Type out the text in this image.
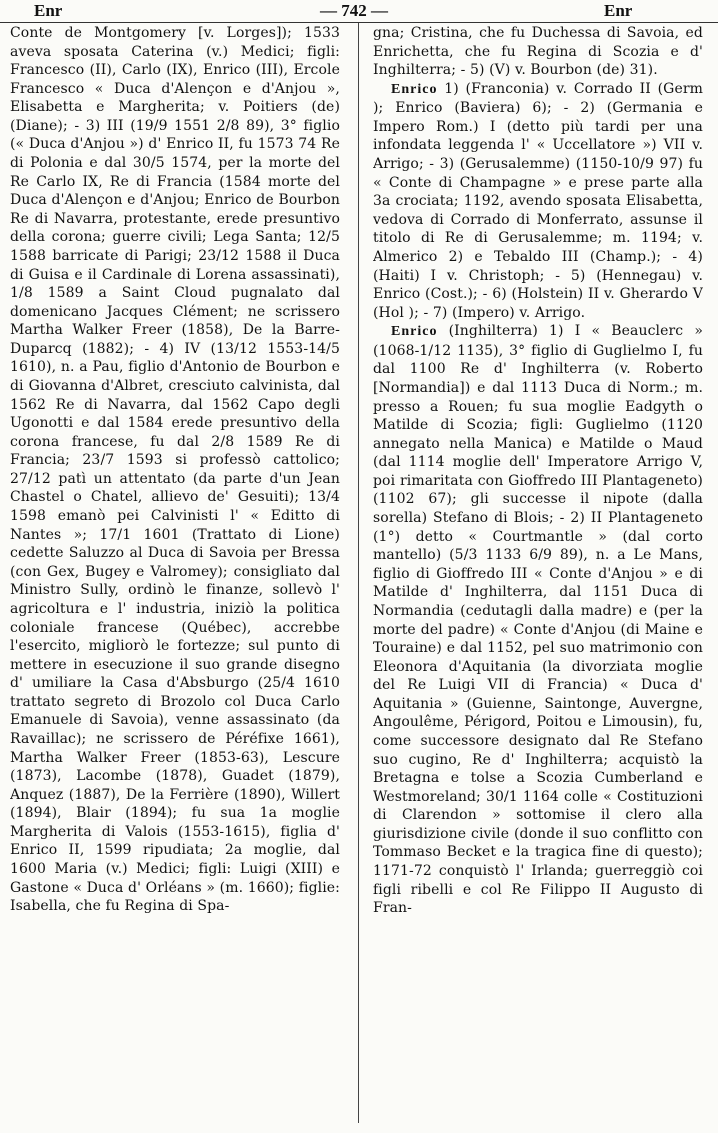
Enr	— 742 —	Enr

Conte de Montgomery [v. Lorges]); 1533 aveva sposata Caterina (v.) Medici; figli: Francesco (II), Carlo (IX), Enrico (III), Ercole Francesco « Duca d'Alençon e d'Anjou », Elisabetta e Margherita; v. Poitiers (de) (Diane); - 3) III (19/9 1551 2/8 89), 3° figlio (« Duca d'Anjou ») d' Enrico II, fu 1573 74 Re di Polonia e dal 30/5 1574, per la morte del Re Carlo IX, Re di Francia (1584 morte del Duca d'Alençon e d'Anjou; Enrico de Bourbon Re di Navarra, protestante, erede presuntivo della corona; guerre civili; Lega Santa; 12/5 1588 barricate di Parigi; 23/12 1588 il Duca di Guisa e il Cardinale di Lorena assassinati), 1/8 1589 a Saint Cloud pugnalato dal domenicano Jacques Clément; ne scrissero Martha Walker Freer (1858), De la Barre-Duparcq (1882); - 4) IV (13/12 1553-14/5 1610), n. a Pau, figlio d'Antonio de Bourbon e di Giovanna d'Albret, cresciuto calvinista, dal 1562 Re di Navarra, dal 1562 Capo degli Ugonotti e dal 1584 erede presuntivo della corona francese, fu dal 2/8 1589 Re di Francia; 23/7 1593 si professò cattolico; 27/12 patì un attentato (da parte d'un Jean Chastel o Chatel, allievo de' Gesuiti); 13/4 1598 emanò pei Calvinisti l' « Editto di Nantes »; 17/1 1601 (Trattato di Lione) cedette Saluzzo al Duca di Savoia per Bressa (con Gex, Bugey e Valromey); consigliato dal Ministro Sully, ordinò le finanze, sollevò l' agricoltura e l' industria, iniziò la politica coloniale francese (Québec), accrebbe l'esercito, migliorò le fortezze; sul punto di mettere in esecuzione il suo grande disegno d' umiliare la Casa d'Absburgo (25/4 1610 trattato segreto di Brozolo col Duca Carlo Emanuele di Savoia), venne assassinato (da Ravaillac); ne scrissero de Péréfixe 1661), Martha Walker Freer (1853-63), Lescure (1873), Lacombe (1878), Guadet (1879), Anquez (1887), De la Ferrière (1890), Willert (1894), Blair (1894); fu sua 1a moglie Margherita di Valois (1553-1615), figlia d' Enrico II, 1599 ripudiata; 2a moglie, dal 1600 Maria (v.) Medici; figli: Luigi (XIII) e Gastone « Duca d' Orléans » (m. 1660); figlie: Isabella, che fu Regina di Spa-

gna; Cristina, che fu Duchessa di Savoia, ed Enrichetta, che fu Regina di Scozia e d' Inghilterra; - 5) (V) v. Bourbon (de) 31).

Enrico 1) (Franconia) v. Corrado II (Germ ); Enrico (Baviera) 6); - 2) (Germania e Impero Rom.) I (detto più tardi per una infondata leggenda l' « Uccellatore ») VII v. Arrigo; - 3) (Gerusalemme) (1150-10/9 97) fu « Conte di Champagne » e prese parte alla 3a crociata; 1192, avendo sposata Elisabetta, vedova di Corrado di Monferrato, assunse il titolo di Re di Gerusalemme; m. 1194; v. Almerico 2) e Tebaldo III (Champ.); - 4) (Haiti) I v. Christoph; - 5) (Hennegau) v. Enrico (Cost.); - 6) (Holstein) II v. Gherardo V (Hol ); - 7) (Impero) v. Arrigo.

Enrico (Inghilterra) 1) I « Beauclerc » (1068-1/12 1135), 3° figlio di Guglielmo I, fu dal 1100 Re d' Inghilterra (v. Roberto [Normandia]) e dal 1113 Duca di Norm.; m. presso a Rouen; fu sua moglie Eadgyth o Matilde di Scozia; figli: Guglielmo (1120 annegato nella Manica) e Matilde o Maud (dal 1114 moglie dell' Imperatore Arrigo V, poi rimaritata con Gioffredo III Plantageneto) (1102 67); gli successe il nipote (dalla sorella) Stefano di Blois; - 2) II Plantageneto (1°) detto « Courtmantle » (dal corto mantello) (5/3 1133 6/9 89), n. a Le Mans, figlio di Gioffredo III « Conte d'Anjou » e di Matilde d' Inghilterra, dal 1151 Duca di Normandia (cedutagli dalla madre) e (per la morte del padre) « Conte d'Anjou (di Maine e Touraine) e dal 1152, pel suo matrimonio con Eleonora d'Aquitania (la divorziata moglie del Re Luigi VII di Francia) « Duca d' Aquitania » (Guienne, Saintonge, Auvergne, Angoulême, Périgord, Poitou e Limousin), fu, come successore designato dal Re Stefano suo cugino, Re d' Inghilterra; acquistò la Bretagna e tolse a Scozia Cumberland e Westmoreland; 30/1 1164 colle « Costituzioni di Clarendon » sottomise il clero alla giurisdizione civile (donde il suo conflitto con Tommaso Becket e la tragica fine di questo); 1171-72 conquistò l' Irlanda; guerreggiò coi figli ribelli e col Re Filippo II Augusto di Fran-
